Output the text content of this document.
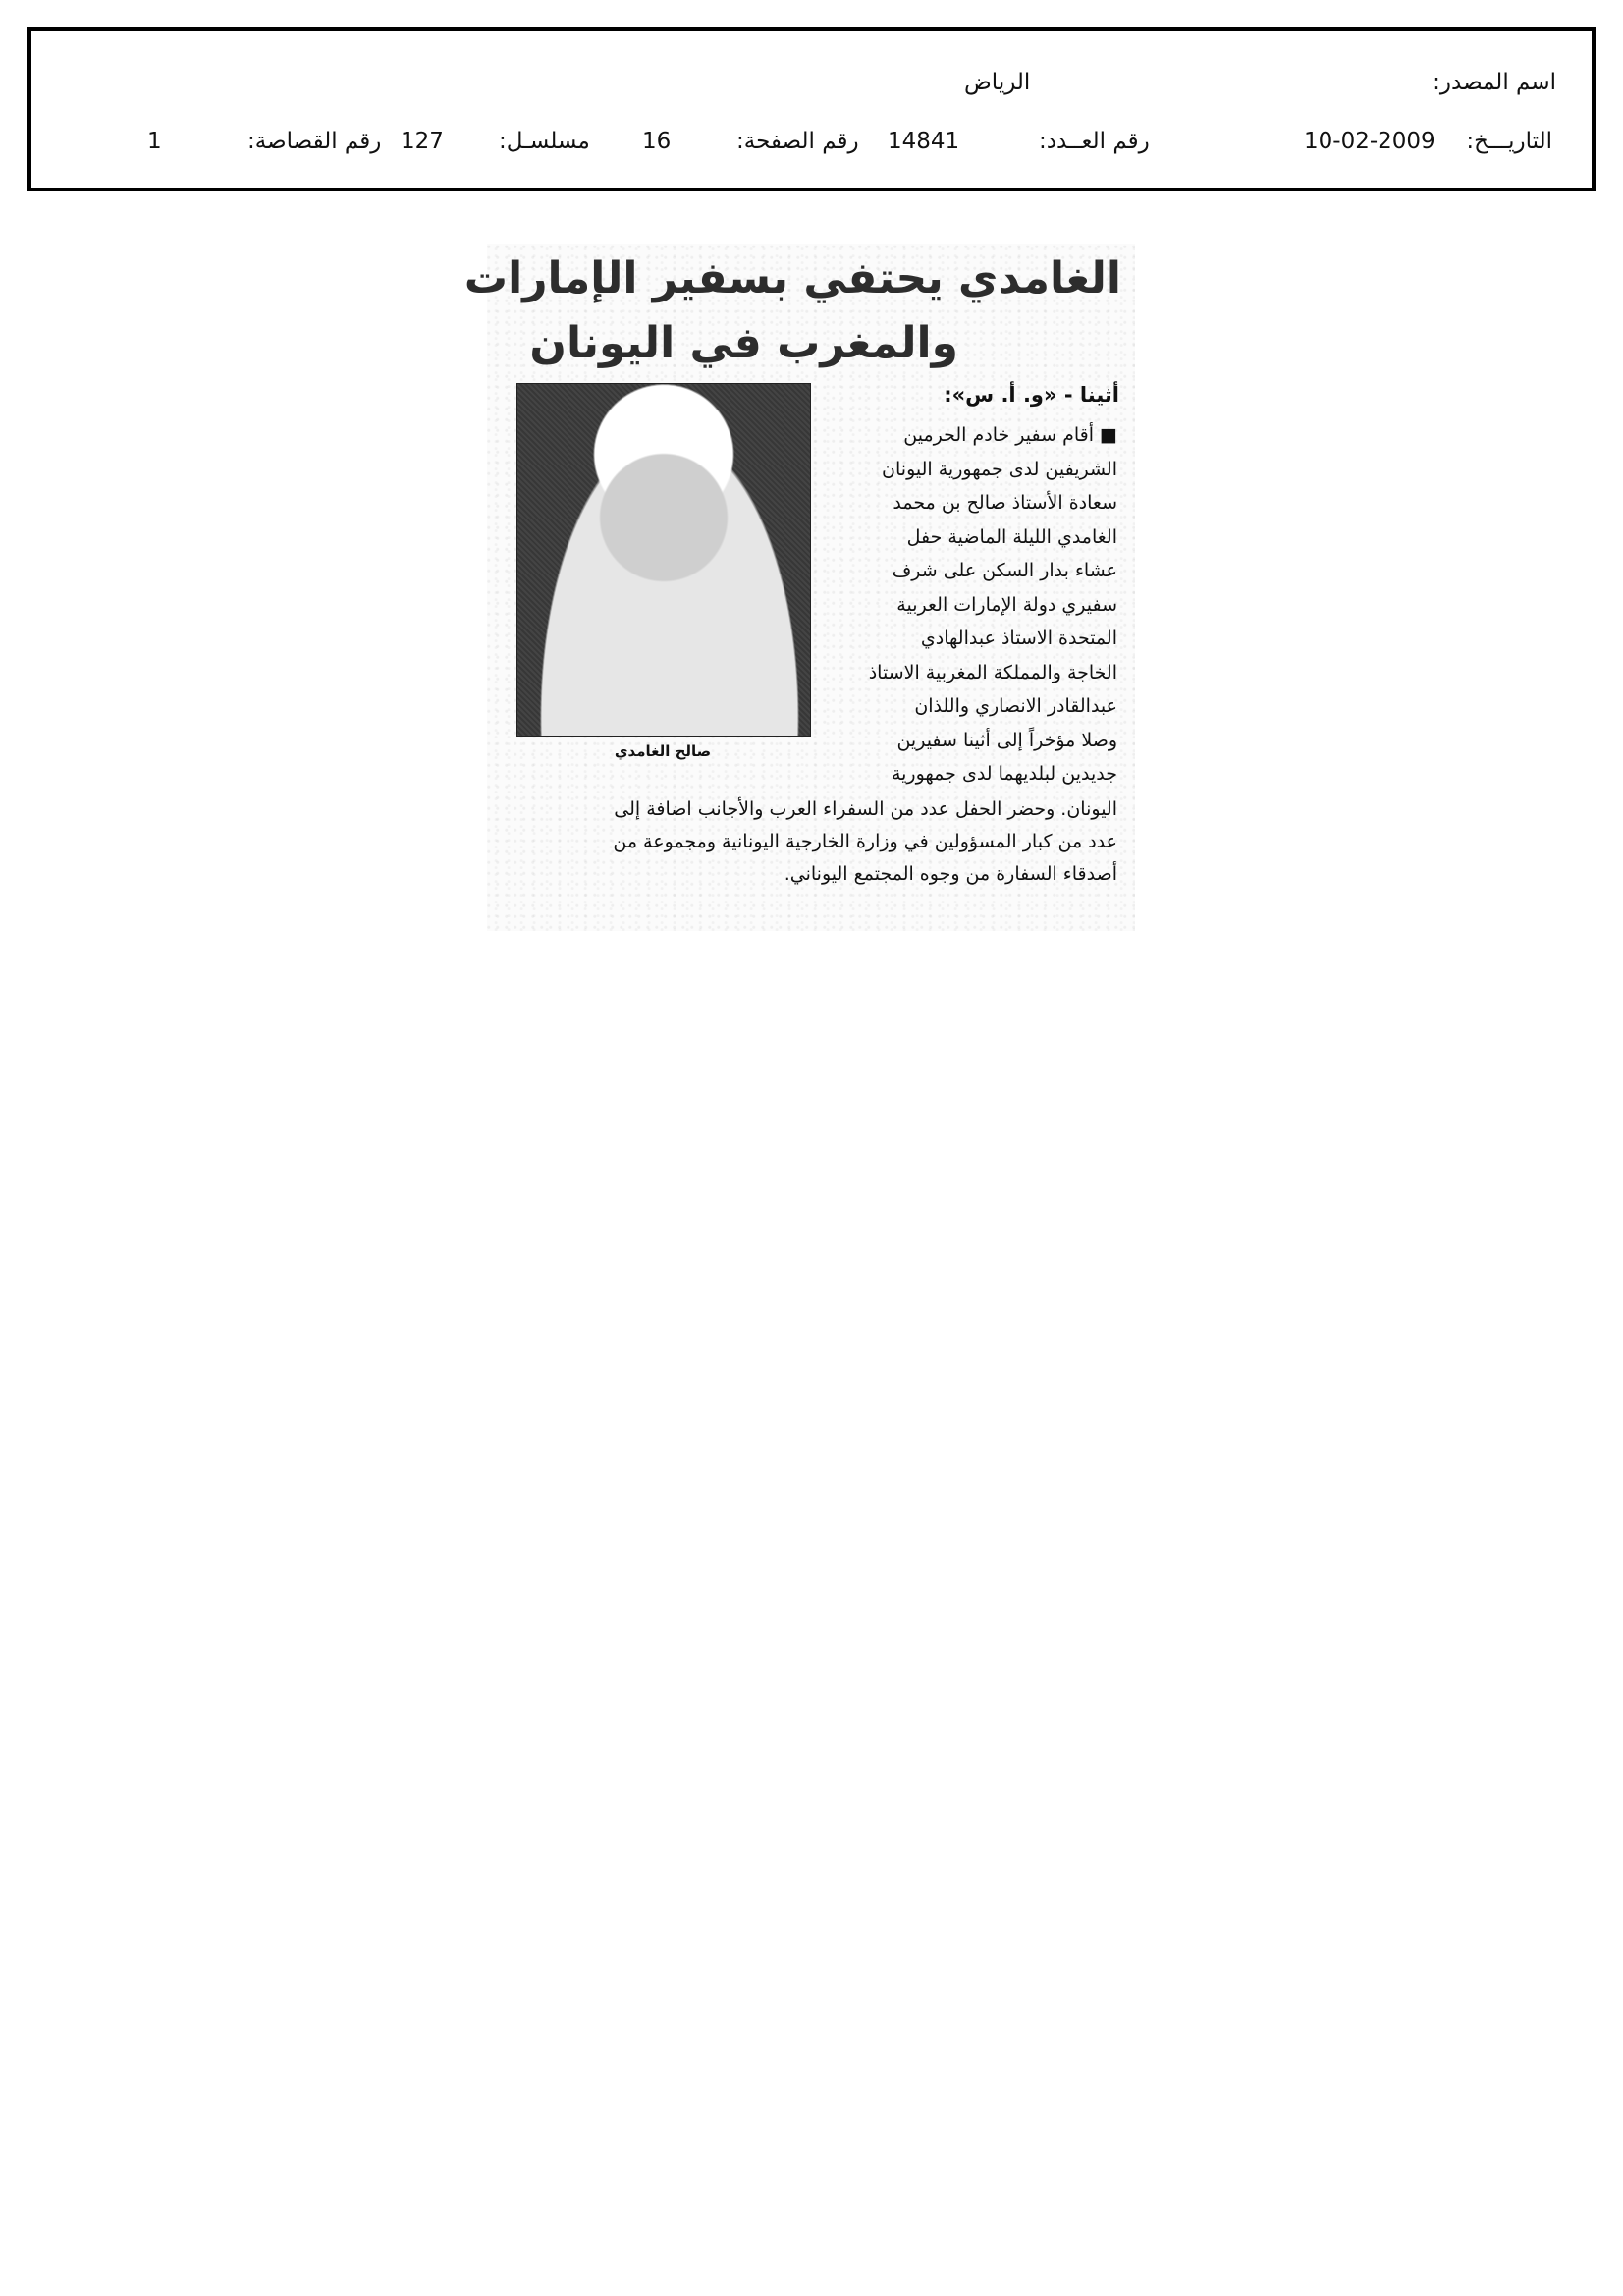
اسم المصدر:
الرياض
التاريـــخ:
10-02-2009
رقم العــدد:
14841
رقم الصفحة:
16
مسلسـل:
127
رقم القصاصة:
1
الغامدي يحتفي بسفير الإمارات
والمغرب في اليونان
أثينا - «و. أ. س»:
صالح الغامدي
■ أقام سفير خادم الحرمين
الشريفين لدى جمهورية اليونان
سعادة الأستاذ صالح بن محمد
الغامدي الليلة الماضية حفل
عشاء بدار السكن على شرف
سفيري دولة الإمارات العربية
المتحدة الاستاذ عبدالهادي
الخاجة والمملكة المغربية الاستاذ
عبدالقادر الانصاري واللذان
وصلا مؤخراً إلى أثينا سفيرين
جديدين لبلديهما لدى جمهورية
اليونان. وحضر الحفل عدد من السفراء العرب والأجانب اضافة إلى
عدد من كبار المسؤولين في وزارة الخارجية اليونانية ومجموعة من
أصدقاء السفارة من وجوه المجتمع اليوناني.
